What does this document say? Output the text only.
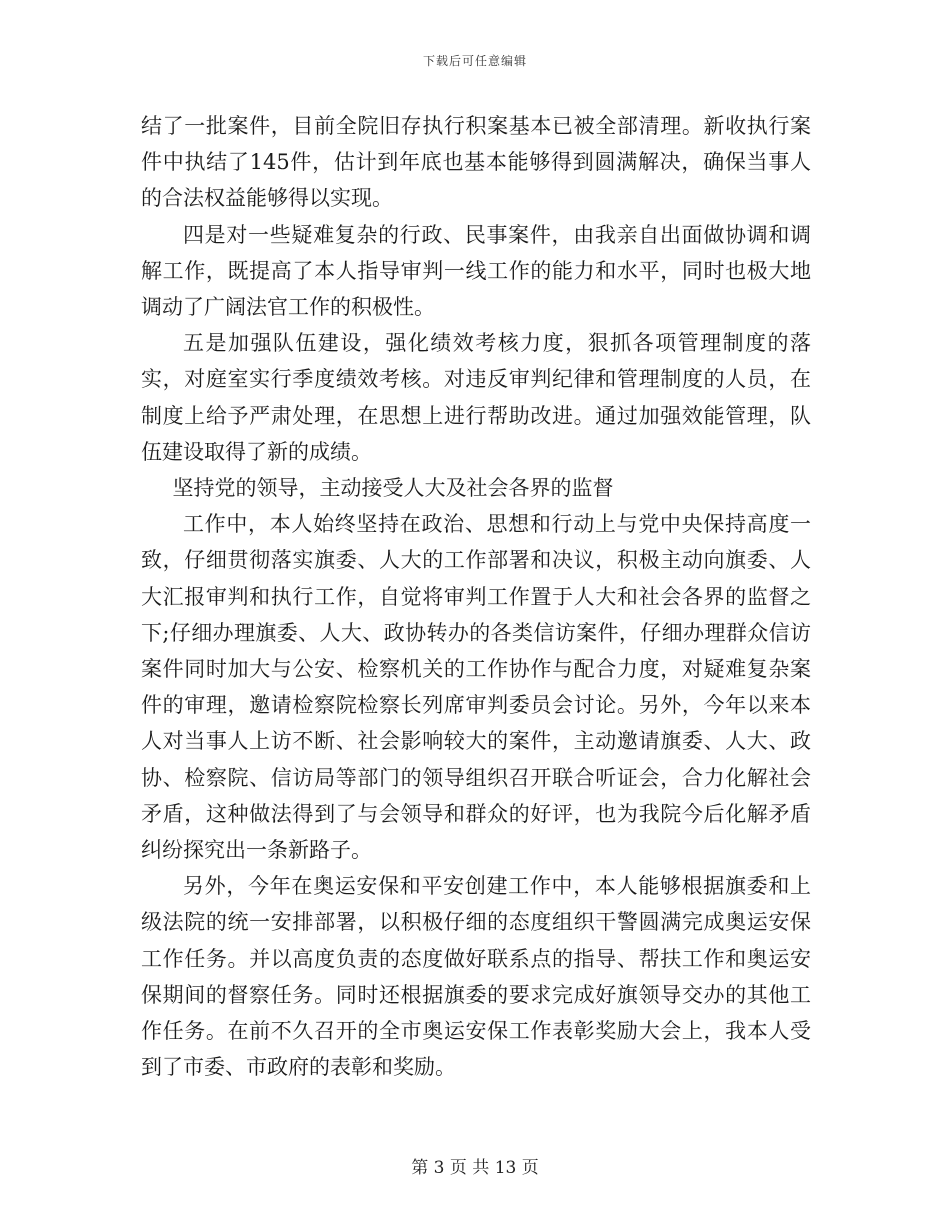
下载后可任意编辑

结了一批案件，目前全院旧存执行积案基本已被全部清理。新收执行案件中执结了145件，估计到年底也基本能够得到圆满解决，确保当事人的合法权益能够得以实现。

四是对一些疑难复杂的行政、民事案件，由我亲自出面做协调和调解工作，既提高了本人指导审判一线工作的能力和水平，同时也极大地调动了广阔法官工作的积极性。

五是加强队伍建设，强化绩效考核力度，狠抓各项管理制度的落实，对庭室实行季度绩效考核。对违反审判纪律和管理制度的人员，在制度上给予严肃处理，在思想上进行帮助改进。通过加强效能管理，队伍建设取得了新的成绩。

坚持党的领导，主动接受人大及社会各界的监督

工作中，本人始终坚持在政治、思想和行动上与党中央保持高度一致，仔细贯彻落实旗委、人大的工作部署和决议，积极主动向旗委、人大汇报审判和执行工作，自觉将审判工作置于人大和社会各界的监督之下;仔细办理旗委、人大、政协转办的各类信访案件，仔细办理群众信访案件同时加大与公安、检察机关的工作协作与配合力度，对疑难复杂案件的审理，邀请检察院检察长列席审判委员会讨论。另外，今年以来本人对当事人上访不断、社会影响较大的案件，主动邀请旗委、人大、政协、检察院、信访局等部门的领导组织召开联合听证会，合力化解社会矛盾，这种做法得到了与会领导和群众的好评，也为我院今后化解矛盾纠纷探究出一条新路子。

另外，今年在奥运安保和平安创建工作中，本人能够根据旗委和上级法院的统一安排部署，以积极仔细的态度组织干警圆满完成奥运安保工作任务。并以高度负责的态度做好联系点的指导、帮扶工作和奥运安保期间的督察任务。同时还根据旗委的要求完成好旗领导交办的其他工作任务。在前不久召开的全市奥运安保工作表彰奖励大会上，我本人受到了市委、市政府的表彰和奖励。

第 3 页 共 13 页
